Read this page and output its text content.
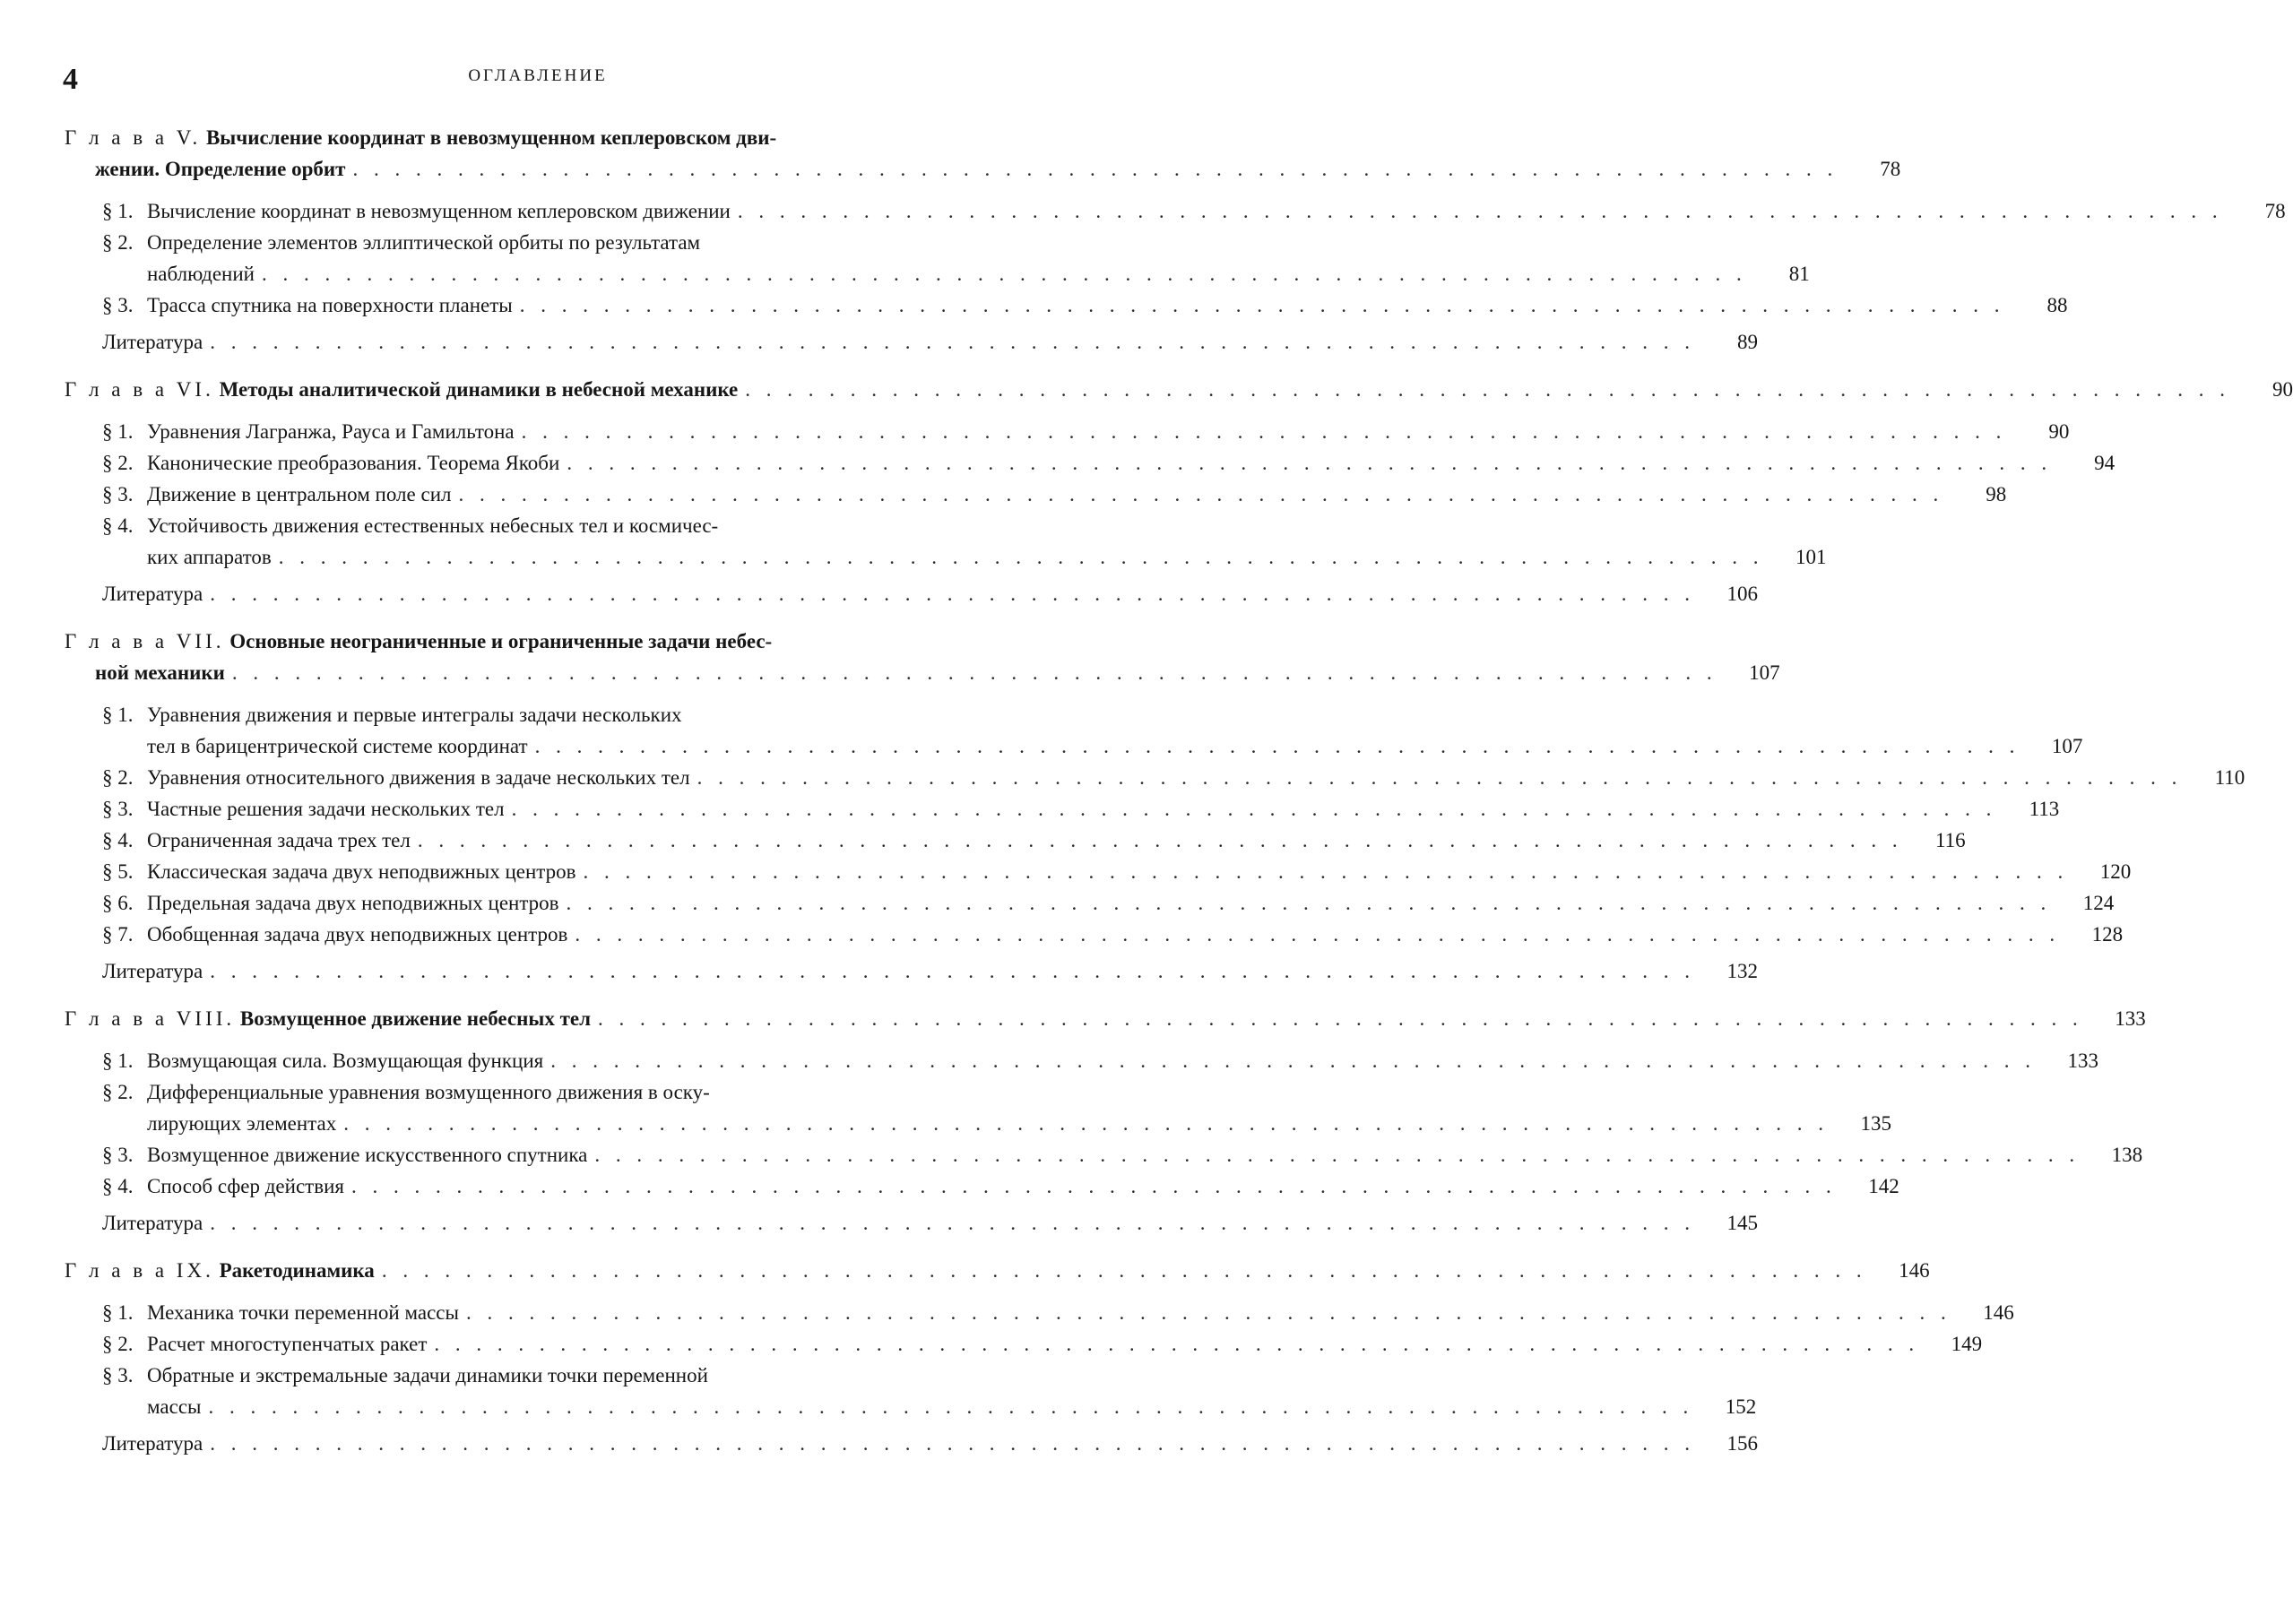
4	ОГЛАВЛЕНИЕ
Г л а в а V. Вычисление координат в невозмущенном кеплеровском дви-
жении. Определение орбит . . . . . . . . . . . . . . . . . . . . . . . . . . . . . . . . . . . . . . . . . . . . . . . . . . . . . . . . . . . . . . . . . . . . . . .	78
§ 1. Вычисление координат в невозмущенном кеплеровском движении . . . . . . . . . . . . . . . . . . . . . . . . . . . . . . . . . . . . . . . . . . . . . . . . . . . . . . . . . . . . . . . . . . . . . . .	78
§ 2. Определение элементов эллиптической орбиты по результатам
наблюдений . . . . . . . . . . . . . . . . . . . . . . . . . . . . . . . . . . . . . . . . . . . . . . . . . . . . . . . . . . . . . . . . . . . . . . .	81
§ 3. Трасса спутника на поверхности планеты . . . . . . . . . . . . . . . . . . . . . . . . . . . . . . . . . . . . . . . . . . . . . . . . . . . . . . . . . . . . . . . . . . . . . . .	88
Литература . . . . . . . . . . . . . . . . . . . . . . . . . . . . . . . . . . . . . . . . . . . . . . . . . . . . . . . . . . . . . . . . . . . . . . .	89
Г л а в а VI. Методы аналитической динамики в небесной механике . . . . . . . . . . . . . . . . . . . . . . . . . . . . . . . . . . . . . . . . . . . . . . . . . . . . . . . . . . . . . . . . . . . . . . .	90
§ 1. Уравнения Лагранжа, Рауса и Гамильтона . . . . . . . . . . . . . . . . . . . . . . . . . . . . . . . . . . . . . . . . . . . . . . . . . . . . . . . . . . . . . . . . . . . . . . .	90
§ 2. Канонические преобразования. Теорема Якоби . . . . . . . . . . . . . . . . . . . . . . . . . . . . . . . . . . . . . . . . . . . . . . . . . . . . . . . . . . . . . . . . . . . . . . .	94
§ 3. Движение в центральном поле сил . . . . . . . . . . . . . . . . . . . . . . . . . . . . . . . . . . . . . . . . . . . . . . . . . . . . . . . . . . . . . . . . . . . . . . .	98
§ 4. Устойчивость движения естественных небесных тел и космичес-
ких аппаратов . . . . . . . . . . . . . . . . . . . . . . . . . . . . . . . . . . . . . . . . . . . . . . . . . . . . . . . . . . . . . . . . . . . . . . .	101
Литература . . . . . . . . . . . . . . . . . . . . . . . . . . . . . . . . . . . . . . . . . . . . . . . . . . . . . . . . . . . . . . . . . . . . . . .	106
Г л а в а VII. Основные неограниченные и ограниченные задачи небес-
ной механики . . . . . . . . . . . . . . . . . . . . . . . . . . . . . . . . . . . . . . . . . . . . . . . . . . . . . . . . . . . . . . . . . . . . . . .	107
§ 1. Уравнения движения и первые интегралы задачи нескольких
тел в барицентрической системе координат . . . . . . . . . . . . . . . . . . . . . . . . . . . . . . . . . . . . . . . . . . . . . . . . . . . . . . . . . . . . . . . . . . . . . . .	107
§ 2. Уравнения относительного движения в задаче нескольких тел . . . . . . . . . . . . . . . . . . . . . . . . . . . . . . . . . . . . . . . . . . . . . . . . . . . . . . . . . . . . . . . . . . . . . . .	110
§ 3. Частные решения задачи нескольких тел . . . . . . . . . . . . . . . . . . . . . . . . . . . . . . . . . . . . . . . . . . . . . . . . . . . . . . . . . . . . . . . . . . . . . . .	113
§ 4. Ограниченная задача трех тел . . . . . . . . . . . . . . . . . . . . . . . . . . . . . . . . . . . . . . . . . . . . . . . . . . . . . . . . . . . . . . . . . . . . . . .	116
§ 5. Классическая задача двух неподвижных центров . . . . . . . . . . . . . . . . . . . . . . . . . . . . . . . . . . . . . . . . . . . . . . . . . . . . . . . . . . . . . . . . . . . . . . .	120
§ 6. Предельная задача двух неподвижных центров . . . . . . . . . . . . . . . . . . . . . . . . . . . . . . . . . . . . . . . . . . . . . . . . . . . . . . . . . . . . . . . . . . . . . . .	124
§ 7. Обобщенная задача двух неподвижных центров . . . . . . . . . . . . . . . . . . . . . . . . . . . . . . . . . . . . . . . . . . . . . . . . . . . . . . . . . . . . . . . . . . . . . . .	128
Литература . . . . . . . . . . . . . . . . . . . . . . . . . . . . . . . . . . . . . . . . . . . . . . . . . . . . . . . . . . . . . . . . . . . . . . .	132
Г л а в а VIII. Возмущенное движение небесных тел . . . . . . . . . . . . . . . . . . . . . . . . . . . . . . . . . . . . . . . . . . . . . . . . . . . . . . . . . . . . . . . . . . . . . . .	133
§ 1. Возмущающая сила. Возмущающая функция . . . . . . . . . . . . . . . . . . . . . . . . . . . . . . . . . . . . . . . . . . . . . . . . . . . . . . . . . . . . . . . . . . . . . . .	133
§ 2. Дифференциальные уравнения возмущенного движения в оску-
лирующих элементах . . . . . . . . . . . . . . . . . . . . . . . . . . . . . . . . . . . . . . . . . . . . . . . . . . . . . . . . . . . . . . . . . . . . . . .	135
§ 3. Возмущенное движение искусственного спутника . . . . . . . . . . . . . . . . . . . . . . . . . . . . . . . . . . . . . . . . . . . . . . . . . . . . . . . . . . . . . . . . . . . . . . .	138
§ 4. Способ сфер действия . . . . . . . . . . . . . . . . . . . . . . . . . . . . . . . . . . . . . . . . . . . . . . . . . . . . . . . . . . . . . . . . . . . . . . .	142
Литература . . . . . . . . . . . . . . . . . . . . . . . . . . . . . . . . . . . . . . . . . . . . . . . . . . . . . . . . . . . . . . . . . . . . . . .	145
Г л а в а IX. Ракетодинамика . . . . . . . . . . . . . . . . . . . . . . . . . . . . . . . . . . . . . . . . . . . . . . . . . . . . . . . . . . . . . . . . . . . . . . .	146
§ 1. Механика точки переменной массы . . . . . . . . . . . . . . . . . . . . . . . . . . . . . . . . . . . . . . . . . . . . . . . . . . . . . . . . . . . . . . . . . . . . . . .	146
§ 2. Расчет многоступенчатых ракет . . . . . . . . . . . . . . . . . . . . . . . . . . . . . . . . . . . . . . . . . . . . . . . . . . . . . . . . . . . . . . . . . . . . . . .	149
§ 3. Обратные и экстремальные задачи динамики точки переменной
массы . . . . . . . . . . . . . . . . . . . . . . . . . . . . . . . . . . . . . . . . . . . . . . . . . . . . . . . . . . . . . . . . . . . . . . .	152
Литература . . . . . . . . . . . . . . . . . . . . . . . . . . . . . . . . . . . . . . . . . . . . . . . . . . . . . . . . . . . . . . . . . . . . . . .	156
